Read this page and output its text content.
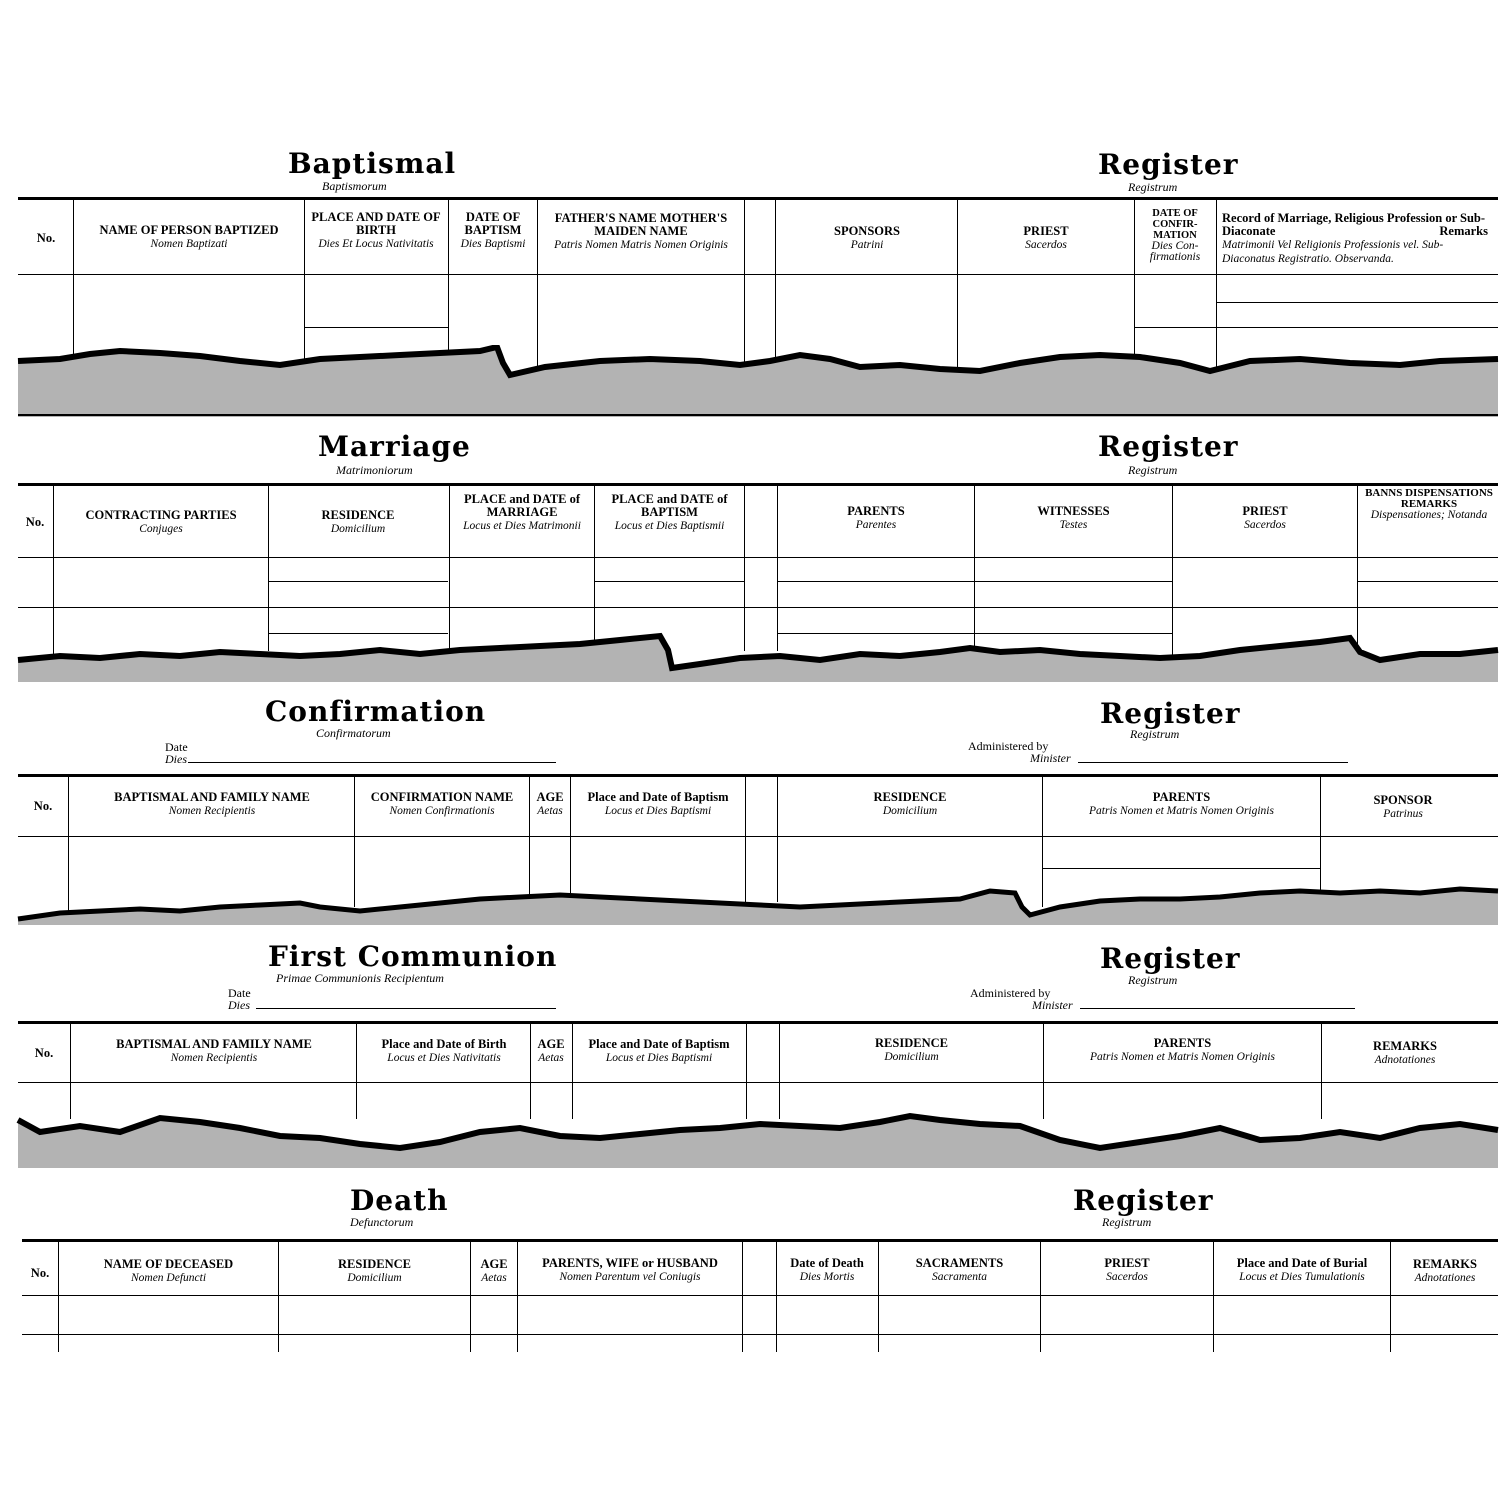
Baptismal
Baptismorum
Register
Registrum
No.
NAME OF PERSON BAPTIZED
Nomen Baptizati
PLACE AND DATE OF BIRTH
Dies Et Locus Nativitatis
DATE OF BAPTISM
Dies Baptismi
FATHER'S NAME MOTHER'S MAIDEN NAME
Patris Nomen Matris Nomen Originis
SPONSORS
Patrini
PRIEST
Sacerdos
DATE OF CONFIR-MATION
Dies Con-firmationis
Record of Marriage, Religious Profession or Sub-Diaconate	Remarks

Matrimonii Vel Religionis Professionis vel. Sub-Diaconatus Registratio. Observanda.
Marriage
Matrimoniorum
Register
Registrum
No.	CONTRACTING PARTIES
Conjuges
RESIDENCE
Domicilium
PLACE and DATE of MARRIAGE
Locus et Dies Matrimonii
PLACE and DATE of BAPTISM
Locus et Dies Baptismii
PARENTS
Parentes
WITNESSES
Testes
PRIEST
Sacerdos
BANNS DISPENSATIONS REMARKS
Dispensationes; Notanda
Confirmation
Confirmatorum
Register
Registrum
Date
Dies
Administered by
Minister
No.
BAPTISMAL AND FAMILY NAME
Nomen Recipientis
CONFIRMATION NAME
Nomen Confirmationis
AGE
Aetas
Place and Date of Baptism
Locus et Dies Baptismi
RESIDENCE
Domicilium
PARENTS
Patris Nomen et Matris Nomen Originis
SPONSOR
Patrinus
First Communion
Primae Communionis Recipientum
Register
Registrum
Date
Dies
Administered by
Minister
No.
BAPTISMAL AND FAMILY NAME
Nomen Recipientis
Place and Date of Birth
Locus et Dies Nativitatis
AGE
Aetas
Place and Date of Baptism
Locus et Dies Baptismi
RESIDENCE
Domicilium
PARENTS
Patris Nomen et Matris Nomen Originis
REMARKS
Adnotationes
Death
Defunctorum
Register
Registrum
No.
NAME OF DECEASED
Nomen Defuncti
RESIDENCE
Domicilium
AGE
Aetas
PARENTS, WIFE or HUSBAND
Nomen Parentum vel Coniugis
Date of Death
Dies Mortis
SACRAMENTS
Sacramenta
PRIEST
Sacerdos
Place and Date of Burial
Locus et Dies Tumulationis
REMARKS
Adnotationes
